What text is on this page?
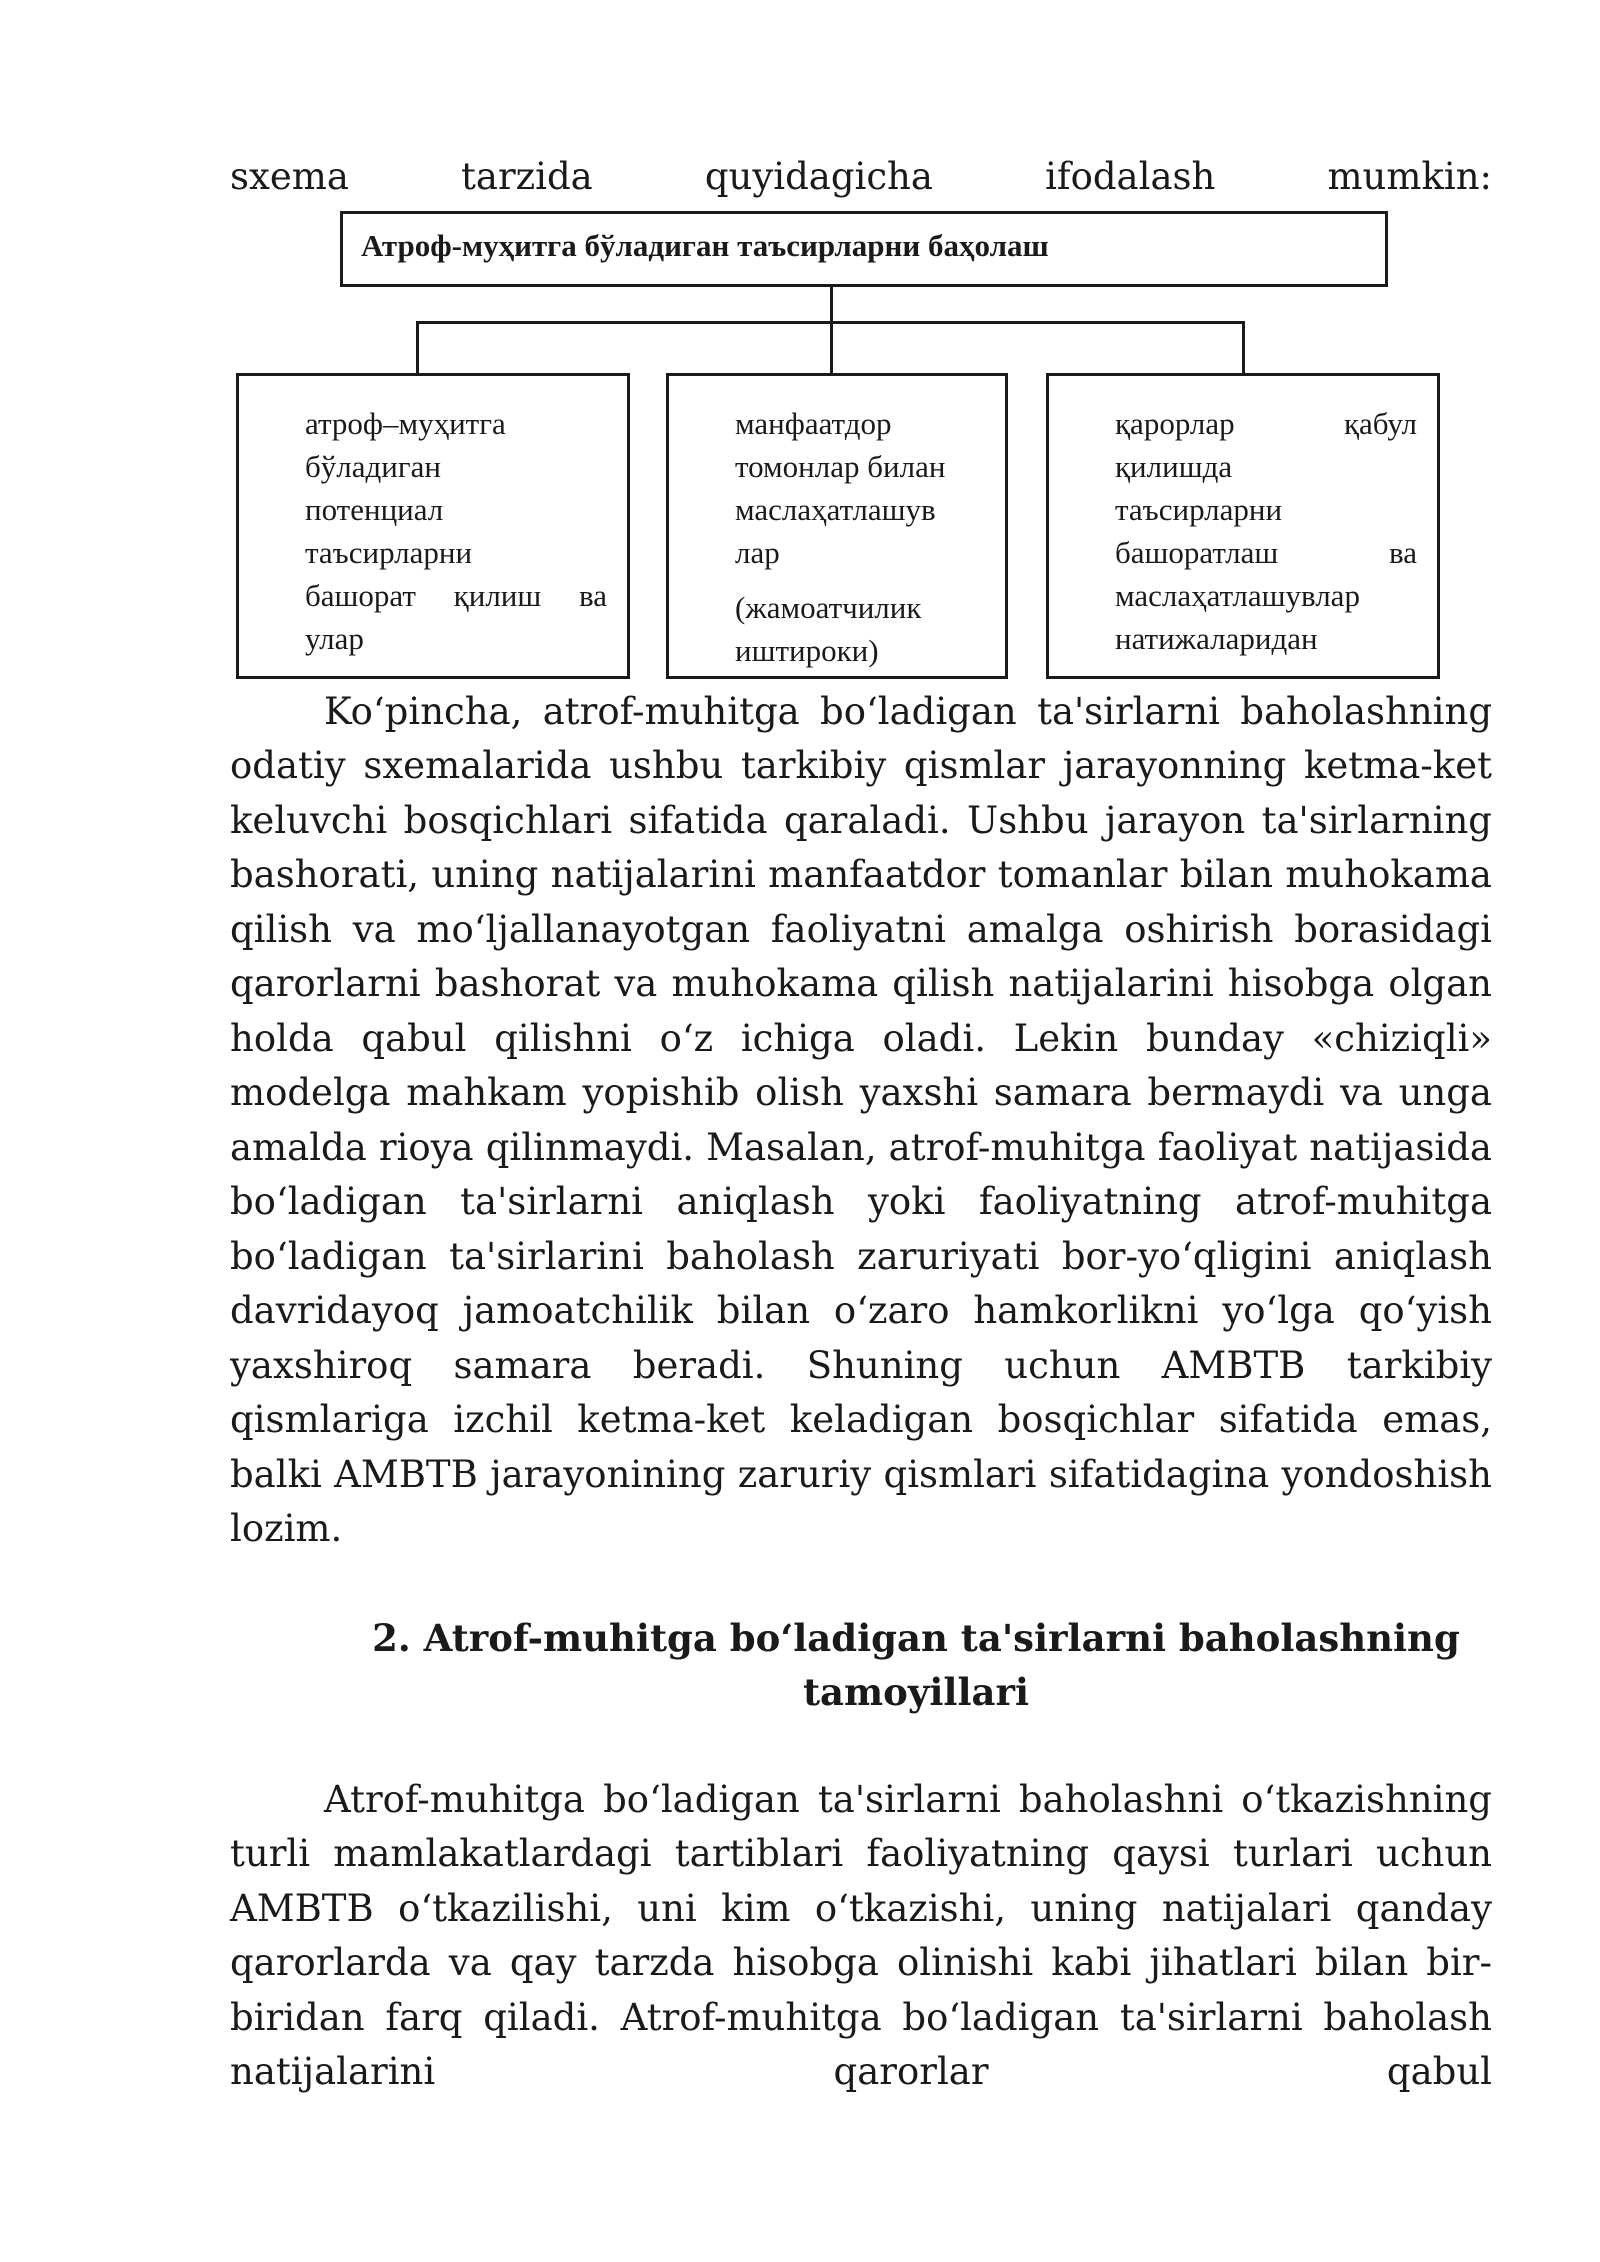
sxema tarzida quyidagicha ifodalash mumkin:
Атроф-муҳитга бўладиган таъсирларни баҳолаш
атроф–муҳитга
бўладиган
потенциал
таъсирларни
башорат қилиш ва
улар
манфаатдор
томонлар билан
маслаҳатлашув
лар
(жамоатчилик
иштироки)
қарорлар қабул
қилишда
таъсирларни
башоратлаш ва
маслаҳатлашувлар
натижаларидан

Ko‘pincha, atrof-muhitga bo‘ladigan ta'sirlarni baholashning odatiy sxemalarida ushbu tarkibiy qismlar jarayonning ketma-ket keluvchi bosqichlari sifatida qaraladi. Ushbu jarayon ta'sirlarning bashorati, uning natijalarini manfaatdor tomanlar bilan muhokama qilish va mo‘ljallanayotgan faoliyatni amalga oshirish borasidagi qarorlarni bashorat va muhokama qilish natijalarini hisobga olgan holda qabul qilishni o‘z ichiga oladi. Lekin bunday «chiziqli» modelga mahkam yopishib olish yaxshi samara bermaydi va unga amalda rioya qilinmaydi. Masalan, atrof-muhitga faoliyat natijasida bo‘ladigan ta'sirlarni aniqlash yoki faoliyatning atrof-muhitga bo‘ladigan ta'sirlarini baholash zaruriyati bor-yo‘qligini aniqlash davridayoq jamoatchilik bilan o‘zaro hamkorlikni yo‘lga qo‘yish yaxshiroq samara beradi. Shuning uchun AMBTB tarkibiy qismlariga izchil ketma-ket keladigan bosqichlar sifatida emas, balki AMBTB jarayonining zaruriy qismlari sifatidagina yondoshish lozim.

2. Atrof-muhitga bo‘ladigan ta'sirlarni baholashning
tamoyillari

Atrof-muhitga bo‘ladigan ta'sirlarni baholashni o‘tkazishning turli mamlakatlardagi tartiblari faoliyatning qaysi turlari uchun AMBTB o‘tkazilishi, uni kim o‘tkazishi, uning natijalari qanday qarorlarda va qay tarzda hisobga olinishi kabi jihatlari bilan bir-biridan farq qiladi. Atrof-muhitga bo‘ladigan ta'sirlarni baholash natijalarini qarorlar qabul
